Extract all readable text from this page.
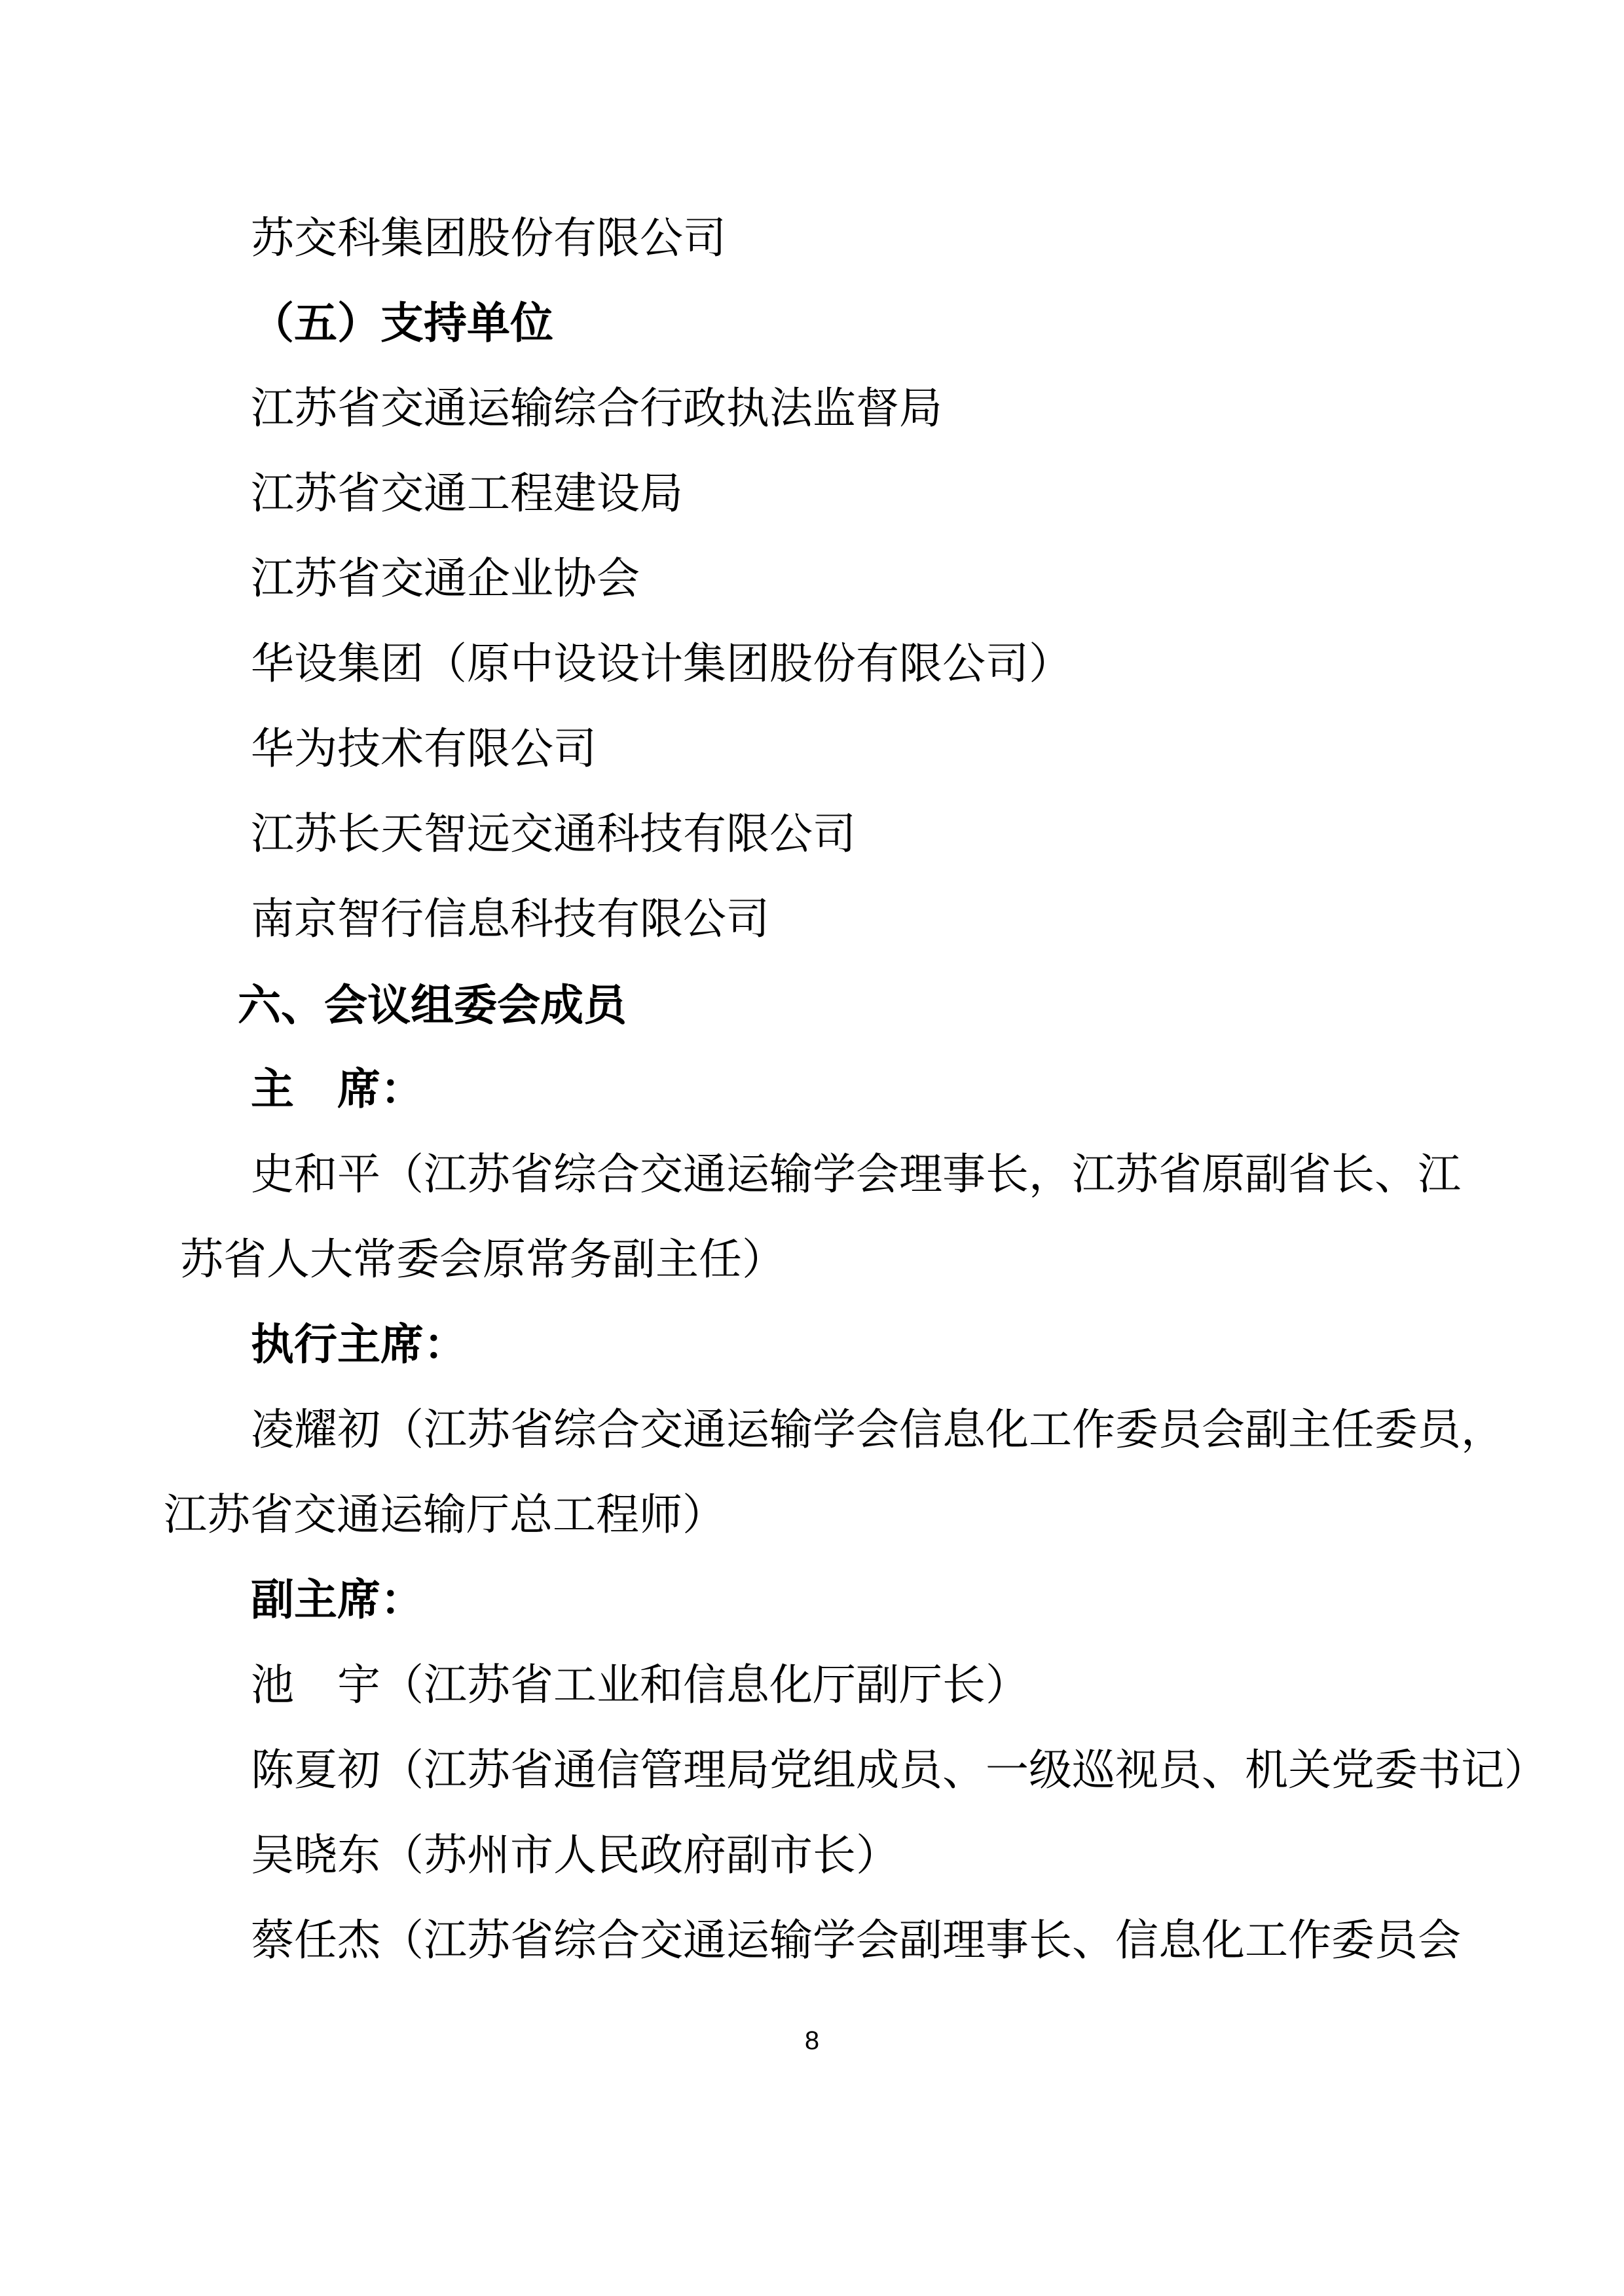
苏交科集团股份有限公司

（五）支持单位

江苏省交通运输综合行政执法监督局

江苏省交通工程建设局

江苏省交通企业协会

华设集团（原中设设计集团股份有限公司）

华为技术有限公司

江苏长天智远交通科技有限公司

南京智行信息科技有限公司

六、会议组委会成员

主　席：

史和平（江苏省综合交通运输学会理事长，江苏省原副省长、江

苏省人大常委会原常务副主任）

执行主席：

凌耀初（江苏省综合交通运输学会信息化工作委员会副主任委员，

江苏省交通运输厅总工程师）

副主席：

池　宇（江苏省工业和信息化厅副厅长）

陈夏初（江苏省通信管理局党组成员、一级巡视员、机关党委书记）

吴晓东（苏州市人民政府副市长）

蔡任杰（江苏省综合交通运输学会副理事长、信息化工作委员会

8
